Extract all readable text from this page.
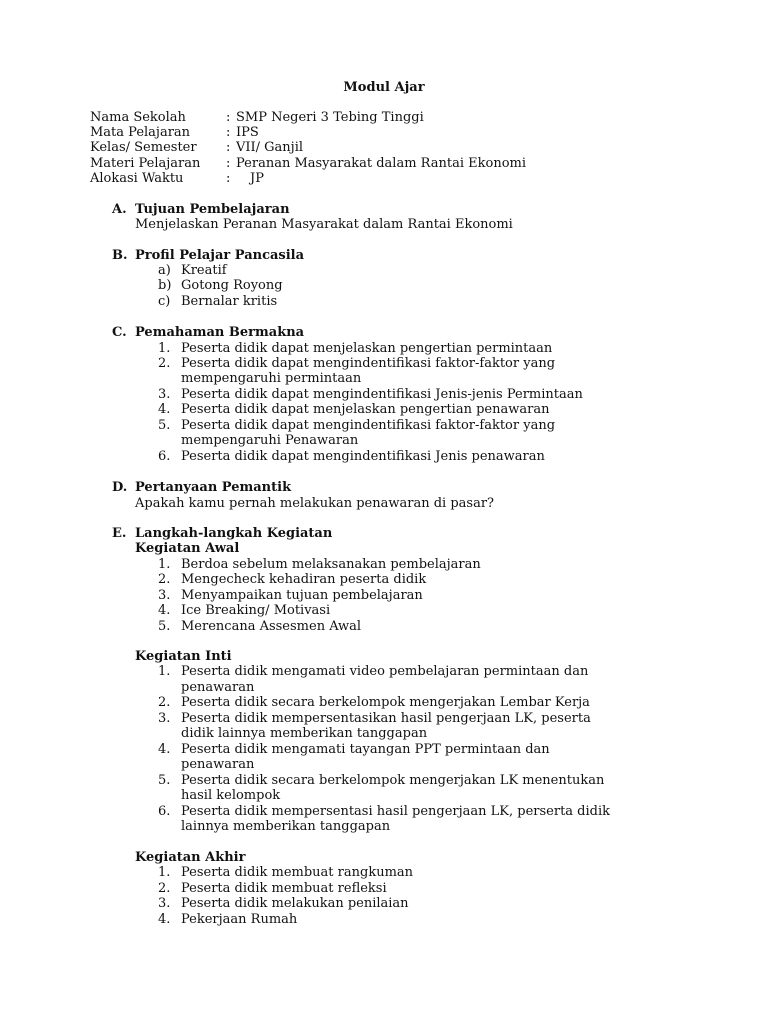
Modul Ajar
Nama Sekolah	: SMP Negeri 3 Tebing Tinggi
Mata Pelajaran	: IPS
Kelas/ Semester : VII/ Ganjil
Materi Pelajaran : Peranan Masyarakat dalam Rantai Ekonomi
Alokasi Waktu	: JP
A. Tujuan Pembelajaran
Menjelaskan Peranan Masyarakat dalam Rantai Ekonomi
B. Profil Pelajar Pancasila
a) Kreatif
b) Gotong Royong
c) Bernalar kritis
C. Pemahaman Bermakna
1. Peserta didik dapat menjelaskan pengertian permintaan
2. Peserta didik dapat mengindentifikasi faktor-faktor yang
mempengaruhi permintaan
3. Peserta didik dapat mengindentifikasi Jenis-jenis Permintaan
4. Peserta didik dapat menjelaskan pengertian penawaran
5. Peserta didik dapat mengindentifikasi faktor-faktor yang
mempengaruhi Penawaran
6. Peserta didik dapat mengindentifikasi Jenis penawaran
D. Pertanyaan Pemantik
Apakah kamu pernah melakukan penawaran di pasar?
E. Langkah-langkah Kegiatan
Kegiatan Awal
1. Berdoa sebelum melaksanakan pembelajaran
2. Mengecheck kehadiran peserta didik
3. Menyampaikan tujuan pembelajaran
4. Ice Breaking/ Motivasi
5. Merencana Assesmen Awal
Kegiatan Inti
1. Peserta didik mengamati video pembelajaran permintaan dan
penawaran
2. Peserta didik secara berkelompok mengerjakan Lembar Kerja
3. Peserta didik mempersentasikan hasil pengerjaan LK, peserta
didik lainnya memberikan tanggapan
4. Peserta didik mengamati tayangan PPT permintaan dan
penawaran
5. Peserta didik secara berkelompok mengerjakan LK menentukan
hasil kelompok
6. Peserta didik mempersentasi hasil pengerjaan LK, perserta didik
lainnya memberikan tanggapan
Kegiatan Akhir
1. Peserta didik membuat rangkuman
2. Peserta didik membuat refleksi
3. Peserta didik melakukan penilaian
4. Pekerjaan Rumah
